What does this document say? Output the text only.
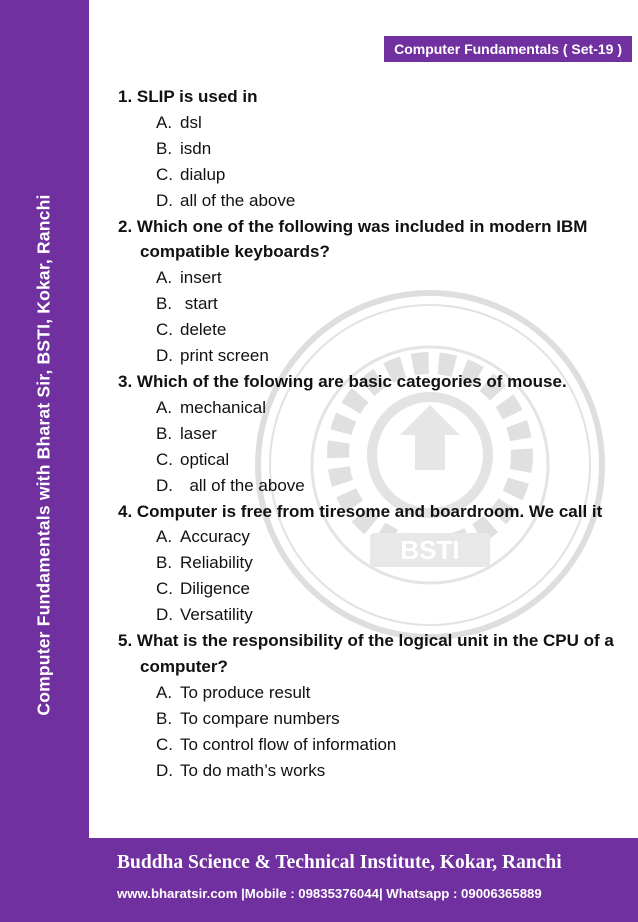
Computer Fundamentals with Bharat Sir, BSTI, Kokar, Ranchi
Computer Fundamentals ( Set-19 )
BSTI
1. SLIP is used in
A. dsl
B. isdn
C. dialup
D. all of the above
2. Which one of the following was included in modern IBM compatible keyboards?
A. insert
B. start
C. delete
D. print screen
3. Which of the folowing are basic categories of mouse.
A. mechanical
B. laser
C. optical
D. all of the above
4. Computer is free from tiresome and boardroom. We call it
A. Accuracy
B. Reliability
C. Diligence
D. Versatility
5. What is the responsibility of the logical unit in the CPU of a computer?
A. To produce result
B. To compare numbers
C. To control flow of information
D. To do math’s works
Buddha Science & Technical Institute, Kokar, Ranchi
www.bharatsir.com |Mobile : 09835376044| Whatsapp : 09006365889
